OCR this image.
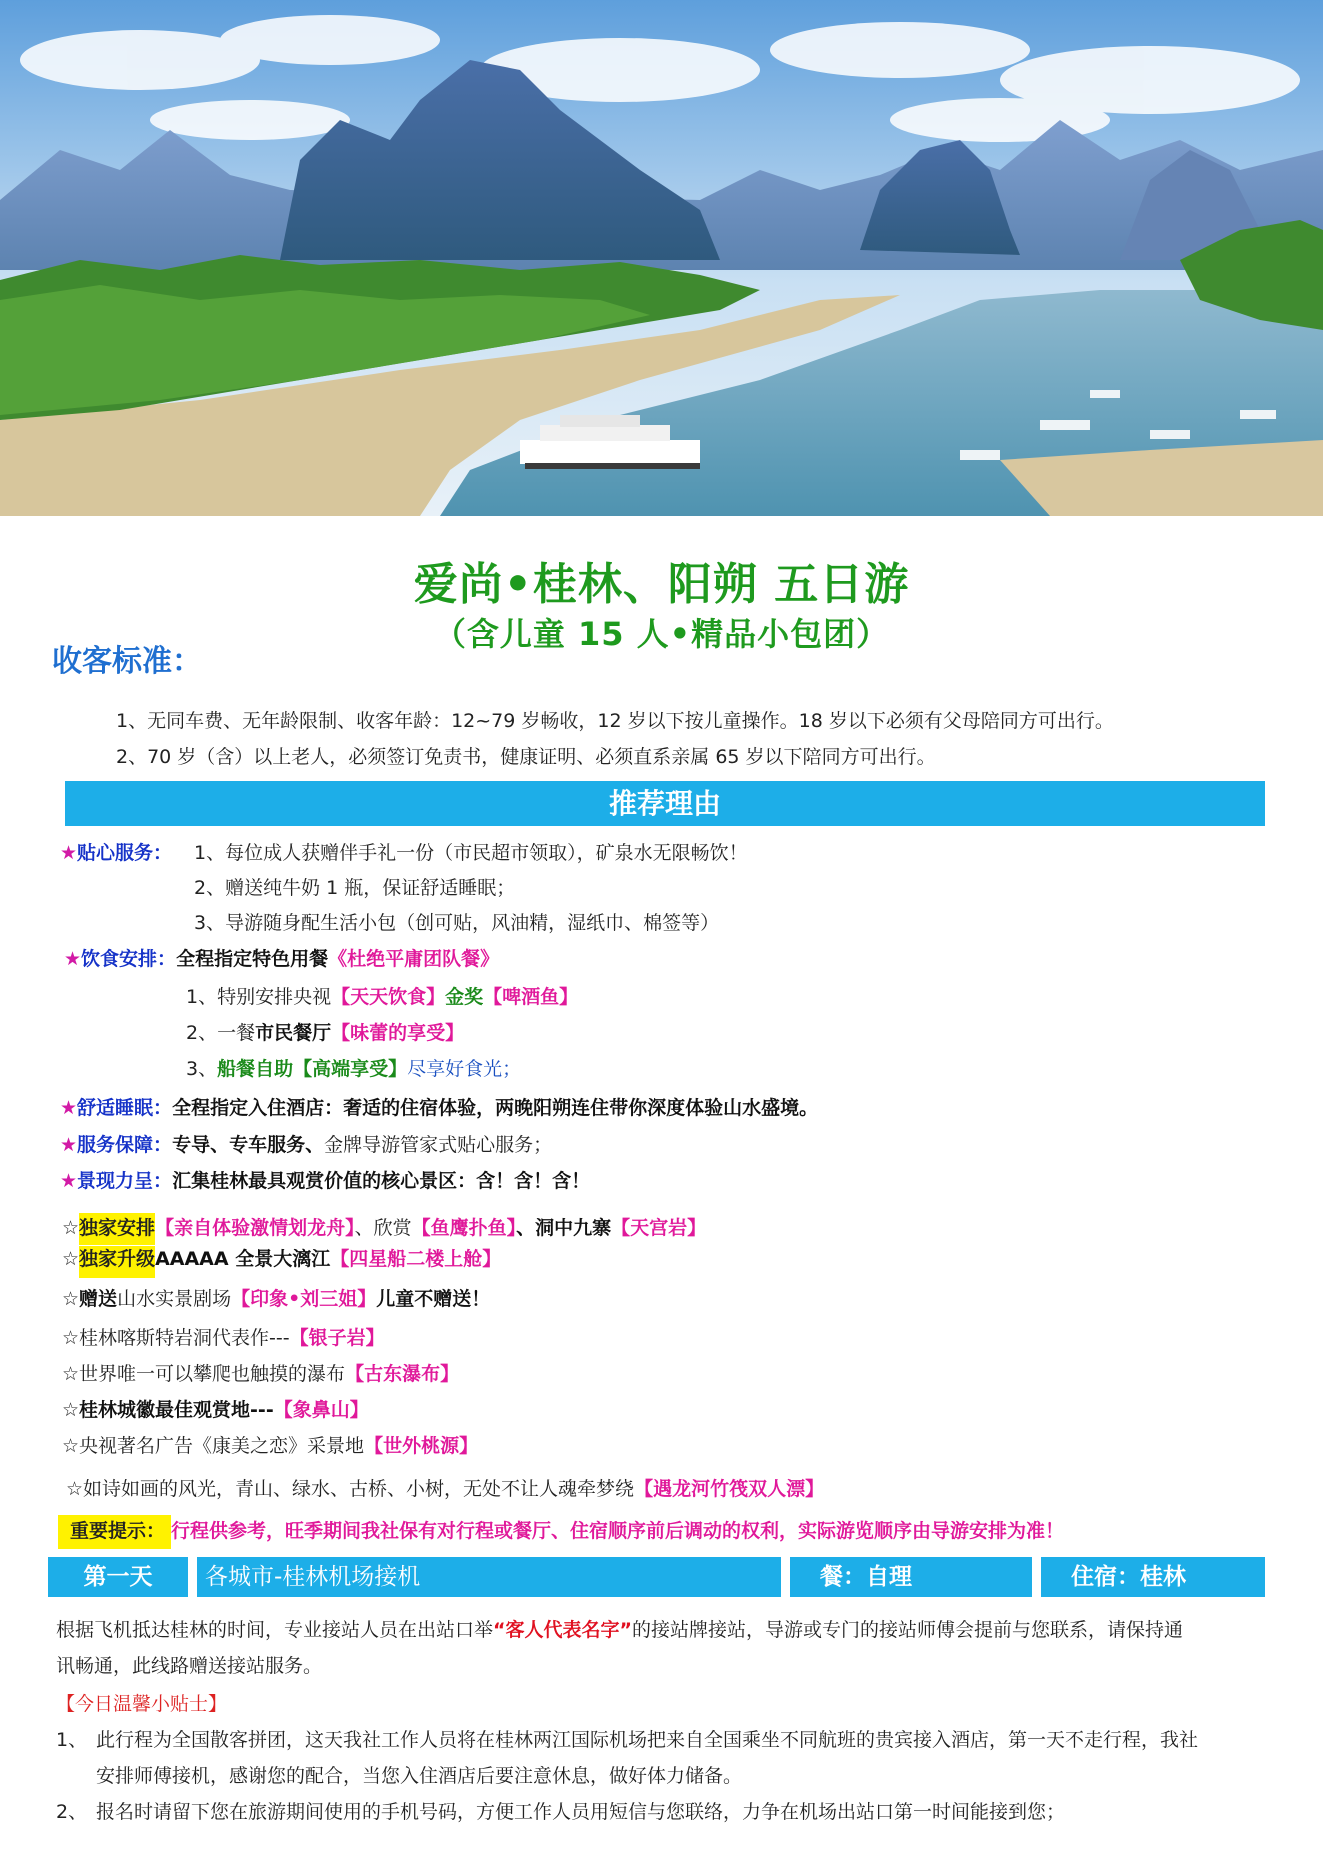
爱尚•桂林、阳朔 五日游
（含儿童 15 人•精品小包团）
收客标准：
1、无同车费、无年龄限制、收客年龄：12~79 岁畅收，12 岁以下按儿童操作。18 岁以下必须有父母陪同方可出行。
2、70 岁（含）以上老人，必须签订免责书，健康证明、必须直系亲属 65 岁以下陪同方可出行。
推荐理由
★贴心服务： 1、每位成人获赠伴手礼一份（市民超市领取），矿泉水无限畅饮！
2、赠送纯牛奶 1 瓶，保证舒适睡眠；
3、导游随身配生活小包（创可贴，风油精，湿纸巾、棉签等）
★饮食安排：全程指定特色用餐《杜绝平庸团队餐》
1、特别安排央视【天天饮食】金奖【啤酒鱼】
2、一餐市民餐厅【味蕾的享受】
3、船餐自助【高端享受】尽享好食光；
★舒适睡眠：全程指定入住酒店：奢适的住宿体验，两晚阳朔连住带你深度体验山水盛境。
★服务保障：专导、专车服务、金牌导游管家式贴心服务；
★景现力呈：汇集桂林最具观赏价值的核心景区：含！含！含！
☆独家安排【亲自体验激情划龙舟】、欣赏【鱼鹰扑鱼】、洞中九寨【天宫岩】
☆独家升级AAAAA 全景大漓江【四星船二楼上舱】
☆赠送山水实景剧场【印象•刘三姐】儿童不赠送！
☆桂林喀斯特岩洞代表作---【银子岩】
☆世界唯一可以攀爬也触摸的瀑布【古东瀑布】
☆桂林城徽最佳观赏地---【象鼻山】
☆央视著名广告《康美之恋》采景地【世外桃源】
☆如诗如画的风光，青山、绿水、古桥、小树，无处不让人魂牵梦绕【遇龙河竹筏双人漂】
重要提示： 行程供参考，旺季期间我社保有对行程或餐厅、住宿顺序前后调动的权利，实际游览顺序由导游安排为准！
第一天	各城市-桂林机场接机	餐：自理	住宿：桂林
根据飞机抵达桂林的时间，专业接站人员在出站口举“客人代表名字”的接站牌接站，导游或专门的接站师傅会提前与您联系，请保持通
讯畅通，此线路赠送接站服务。
【今日温馨小贴士】
1、 此行程为全国散客拼团，这天我社工作人员将在桂林两江国际机场把来自全国乘坐不同航班的贵宾接入酒店，第一天不走行程，我社
安排师傅接机，感谢您的配合，当您入住酒店后要注意休息，做好体力储备。
2、 报名时请留下您在旅游期间使用的手机号码，方便工作人员用短信与您联络，力争在机场出站口第一时间能接到您；
